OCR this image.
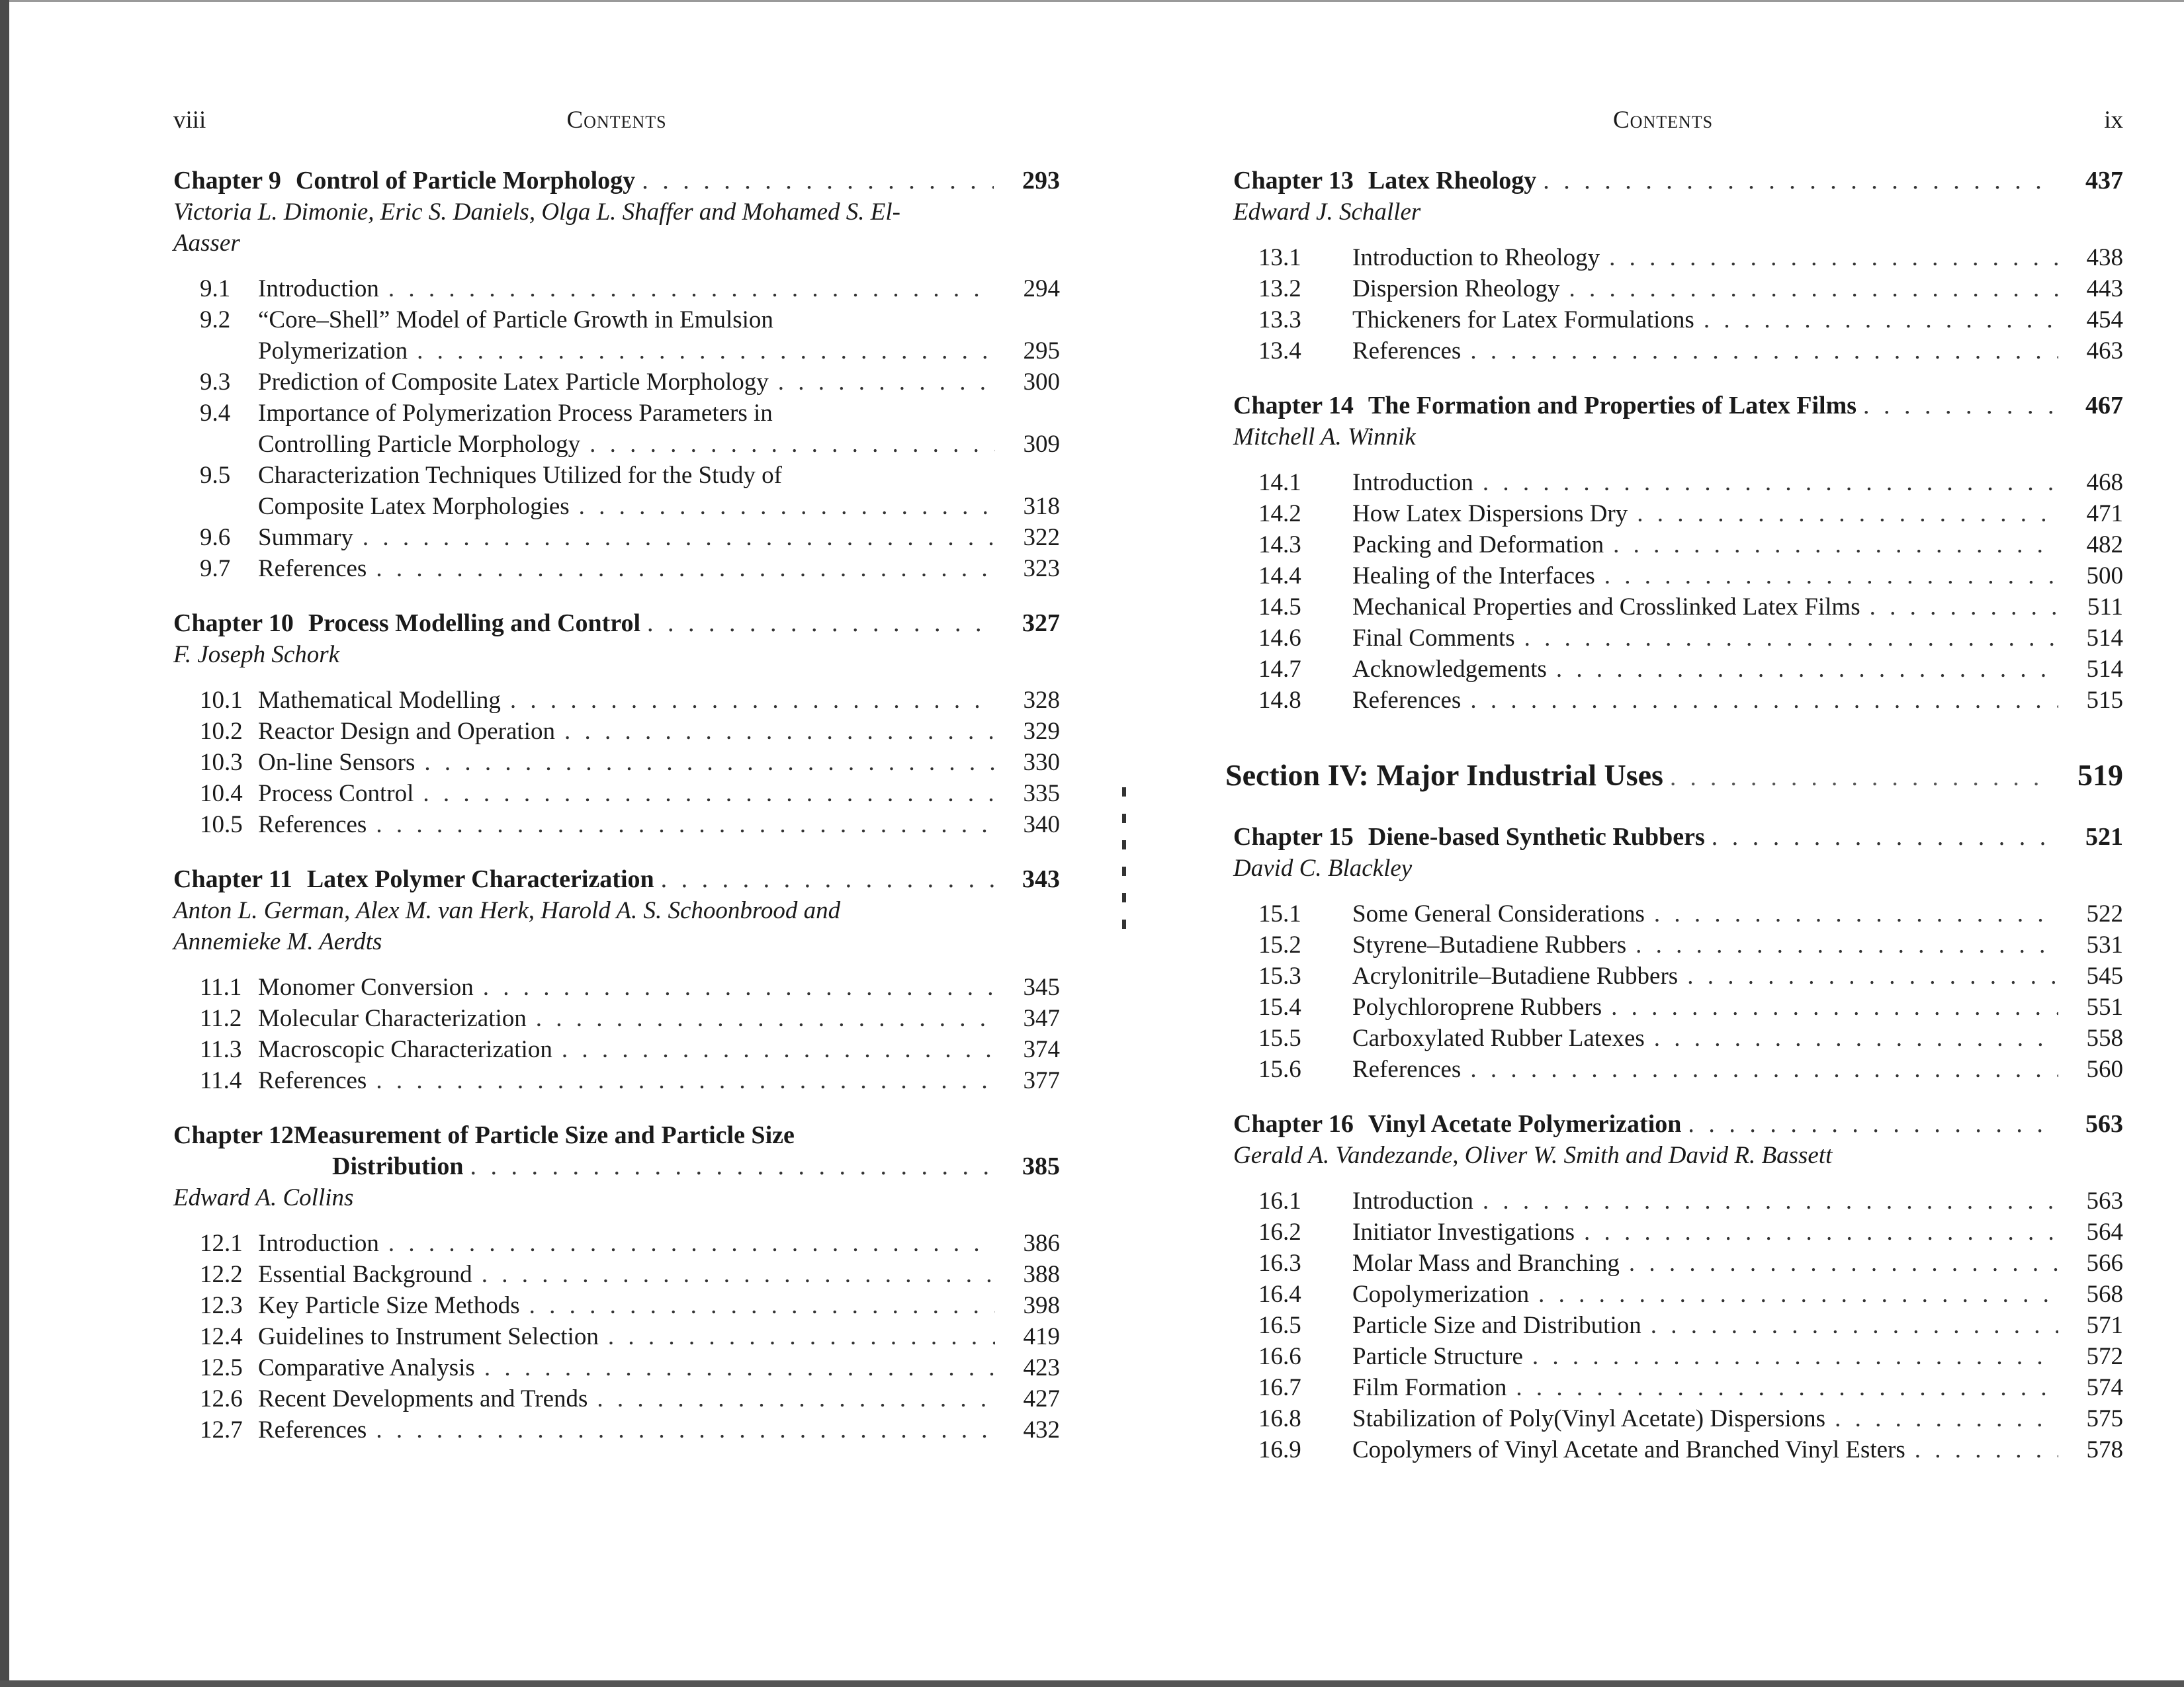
viii	Contents
Chapter 9 Control of Particle Morphology . . .	293
Victoria L. Dimonie, Eric S. Daniels, Olga L. Shaffer and Mohamed S. El-Aasser
9.1	Introduction . . .	294
9.2	“Core–Shell” Model of Particle Growth in Emulsion
Polymerization . . .	295
9.3	Prediction of Composite Latex Particle Morphology . . .	300
9.4	Importance of Polymerization Process Parameters in
Controlling Particle Morphology . . .	309
9.5	Characterization Techniques Utilized for the Study of
Composite Latex Morphologies . . .	318
9.6	Summary . . .	322
9.7	References . . .	323
Chapter 10 Process Modelling and Control . . .	327
F. Joseph Schork
10.1 Mathematical Modelling . . .	328
10.2 Reactor Design and Operation . . .	329
10.3 On-line Sensors . . .	330
10.4 Process Control . . .	335
10.5 References . . .	340
Chapter 11 Latex Polymer Characterization . . .	343
Anton L. German, Alex M. van Herk, Harold A. S. Schoonbrood and Annemieke M. Aerdts
11.1 Monomer Conversion . . .	345
11.2 Molecular Characterization . . .	347
11.3 Macroscopic Characterization . . .	374
11.4 References . . .	377
Chapter 12Measurement of Particle Size and Particle Size
Distribution . . .	385
Edward A. Collins
12.1 Introduction . . .	386
12.2 Essential Background . . .	388
12.3 Key Particle Size Methods . . .	398
12.4 Guidelines to Instrument Selection . . .	419
12.5 Comparative Analysis . . .	423
12.6 Recent Developments and Trends . . .	427
12.7 References . . .	432
Contents	ix
Chapter 13 Latex Rheology . . .	437
Edward J. Schaller
13.1	Introduction to Rheology . . .	438
13.2	Dispersion Rheology . . .	443
13.3	Thickeners for Latex Formulations . . .	454
13.4	References . . .	463
Chapter 14 The Formation and Properties of Latex Films . . .	467
Mitchell A. Winnik
14.1	Introduction . . .	468
14.2	How Latex Dispersions Dry . . .	471
14.3	Packing and Deformation . . .	482
14.4	Healing of the Interfaces . . .	500
14.5	Mechanical Properties and Crosslinked Latex Films . . .	511
14.6	Final Comments . . .	514
14.7	Acknowledgements . . .	514
14.8	References . . .	515
Section IV: Major Industrial Uses . . .	519
Chapter 15 Diene-based Synthetic Rubbers . . .	521
David C. Blackley
15.1	Some General Considerations . . .	522
15.2	Styrene–Butadiene Rubbers . . .	531
15.3	Acrylonitrile–Butadiene Rubbers . . .	545
15.4	Polychloroprene Rubbers . . .	551
15.5	Carboxylated Rubber Latexes . . .	558
15.6	References . . .	560
Chapter 16 Vinyl Acetate Polymerization . . .	563
Gerald A. Vandezande, Oliver W. Smith and David R. Bassett
16.1	Introduction . . .	563
16.2	Initiator Investigations . . .	564
16.3	Molar Mass and Branching . . .	566
16.4	Copolymerization . . .	568
16.5	Particle Size and Distribution . . .	571
16.6	Particle Structure . . .	572
16.7	Film Formation . . .	574
16.8	Stabilization of Poly(Vinyl Acetate) Dispersions . . .	575
16.9	Copolymers of Vinyl Acetate and Branched Vinyl Esters . . .	578
